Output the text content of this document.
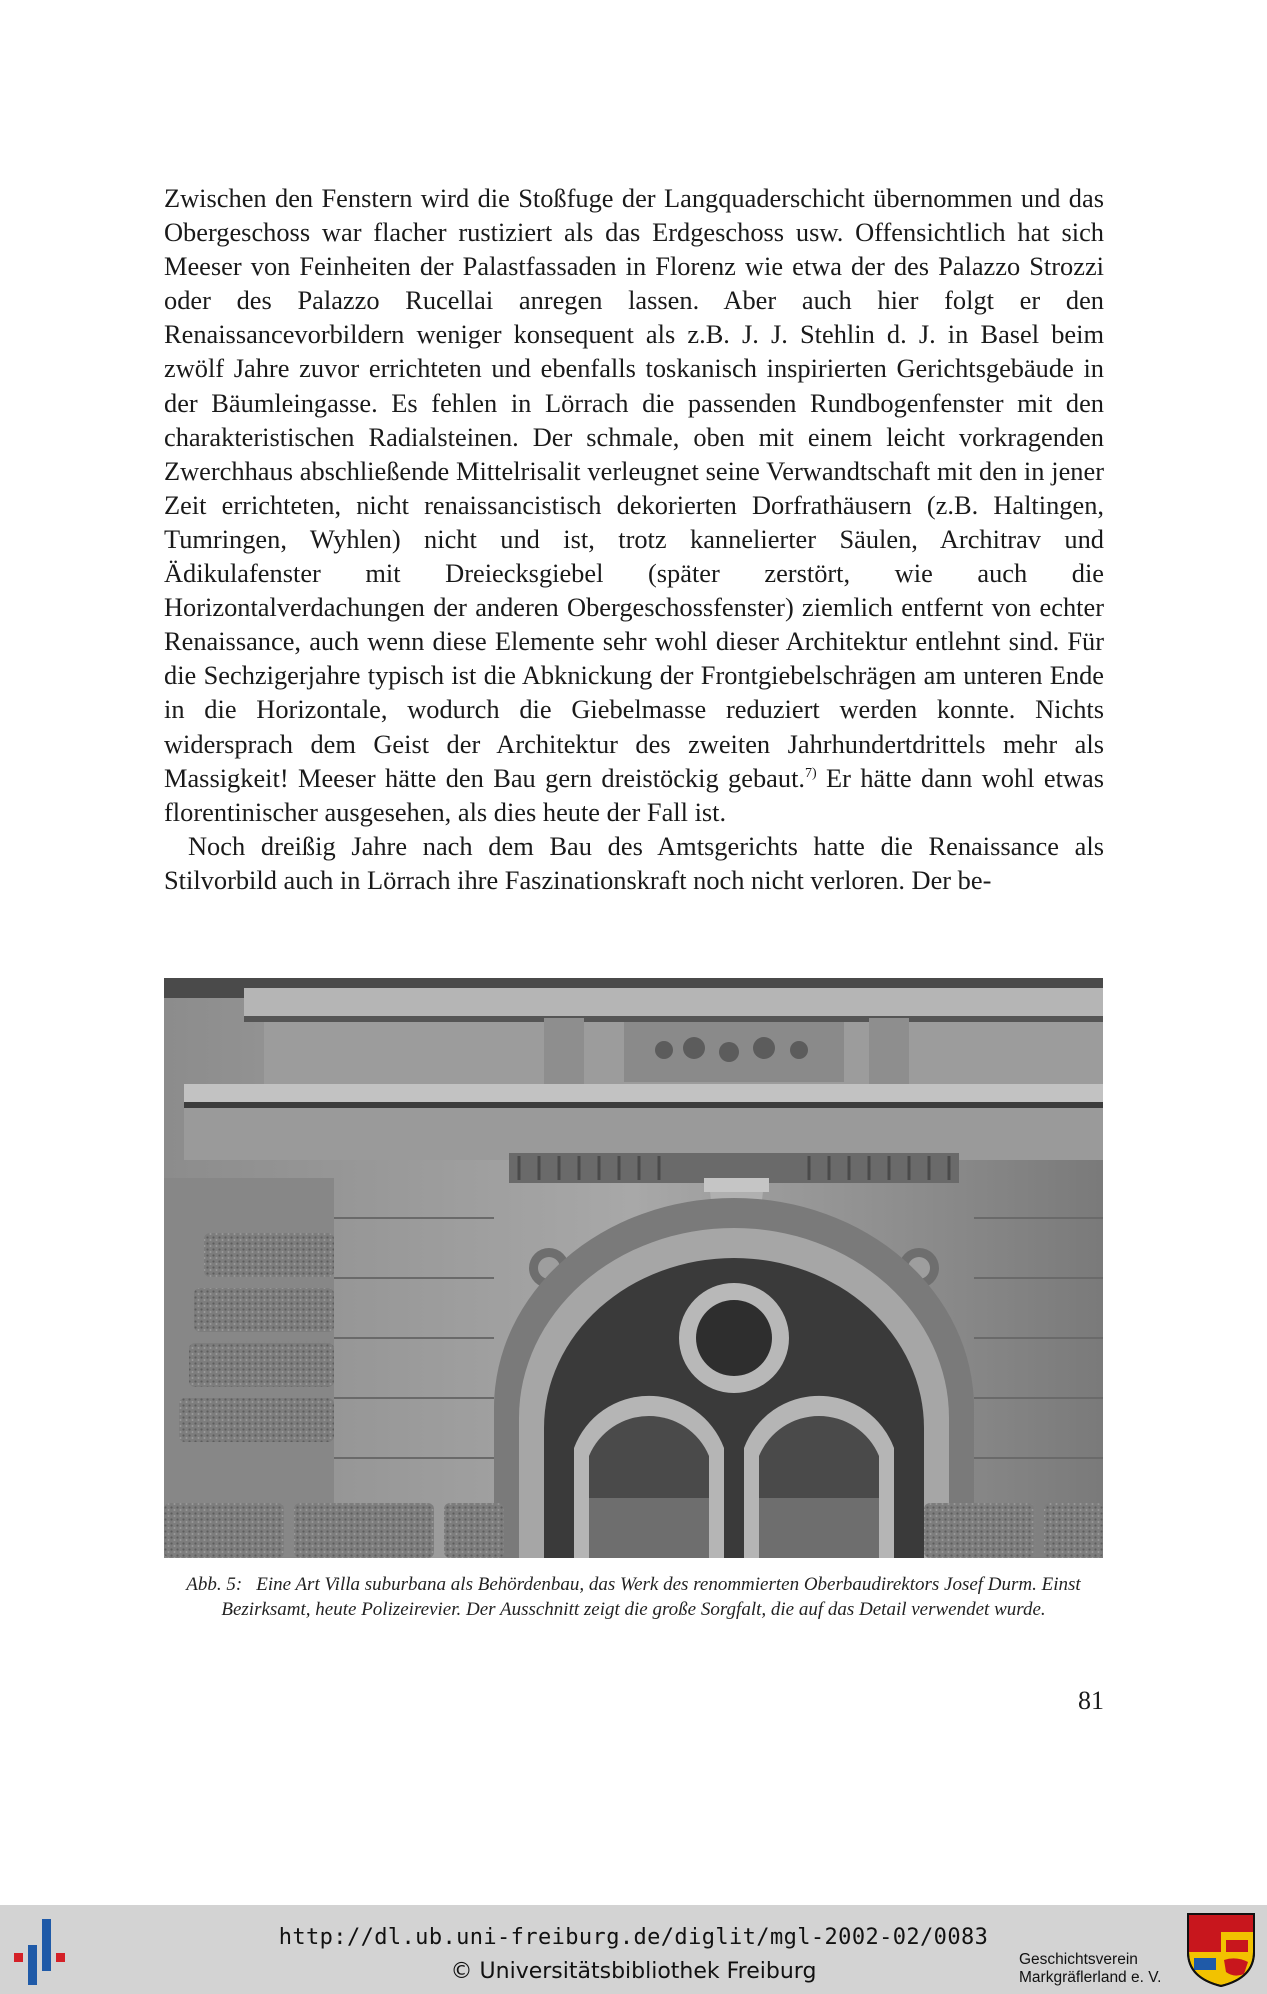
Zwischen den Fenstern wird die Stoßfuge der Langquaderschicht übernommen und das Obergeschoss war flacher rustiziert als das Erdgeschoss usw. Offensichtlich hat sich Meeser von Feinheiten der Palastfassaden in Florenz wie etwa der des Palazzo Strozzi oder des Palazzo Rucellai anregen lassen. Aber auch hier folgt er den Renaissancevorbildern weniger konsequent als z.B. J. J. Stehlin d. J. in Basel beim zwölf Jahre zuvor errichteten und ebenfalls toskanisch inspirierten Gerichtsgebäude in der Bäumleingasse. Es fehlen in Lörrach die passenden Rundbogenfenster mit den charakteristischen Radialsteinen. Der schmale, oben mit einem leicht vorkragenden Zwerchhaus abschließende Mittelrisalit verleugnet seine Verwandtschaft mit den in jener Zeit errichteten, nicht renaissancistisch dekorierten Dorfrathäusern (z.B. Haltingen, Tumringen, Wyhlen) nicht und ist, trotz kannelierter Säulen, Architrav und Ädikulafenster mit Dreiecksgiebel (später zerstört, wie auch die Horizontalverdachungen der anderen Obergeschossfenster) ziemlich entfernt von echter Renaissance, auch wenn diese Elemente sehr wohl dieser Architektur entlehnt sind. Für die Sechzigerjahre typisch ist die Abknickung der Frontgiebelschrägen am unteren Ende in die Horizontale, wodurch die Giebelmasse reduziert werden konnte. Nichts widersprach dem Geist der Architektur des zweiten Jahrhundertdrittels mehr als Massigkeit! Meeser hätte den Bau gern dreistöckig gebaut.$^{7)}$ Er hätte dann wohl etwas florentinischer ausgesehen, als dies heute der Fall ist.

Noch dreißig Jahre nach dem Bau des Amtsgerichts hatte die Renaissance als Stilvorbild auch in Lörrach ihre Faszinationskraft noch nicht verloren. Der be-

Abb. 5: Eine Art Villa suburbana als Behördenbau, das Werk des renommierten Oberbaudirektors Josef Durm. Einst Bezirksamt, heute Polizeirevier. Der Ausschnitt zeigt die große Sorgfalt, die auf das Detail verwendet wurde.
81
http://dl.ub.uni-freiburg.de/diglit/mgl-2002-02/0083
© Universitätsbibliothek Freiburg	Geschichtsverein
Markgräflerland e. V.
